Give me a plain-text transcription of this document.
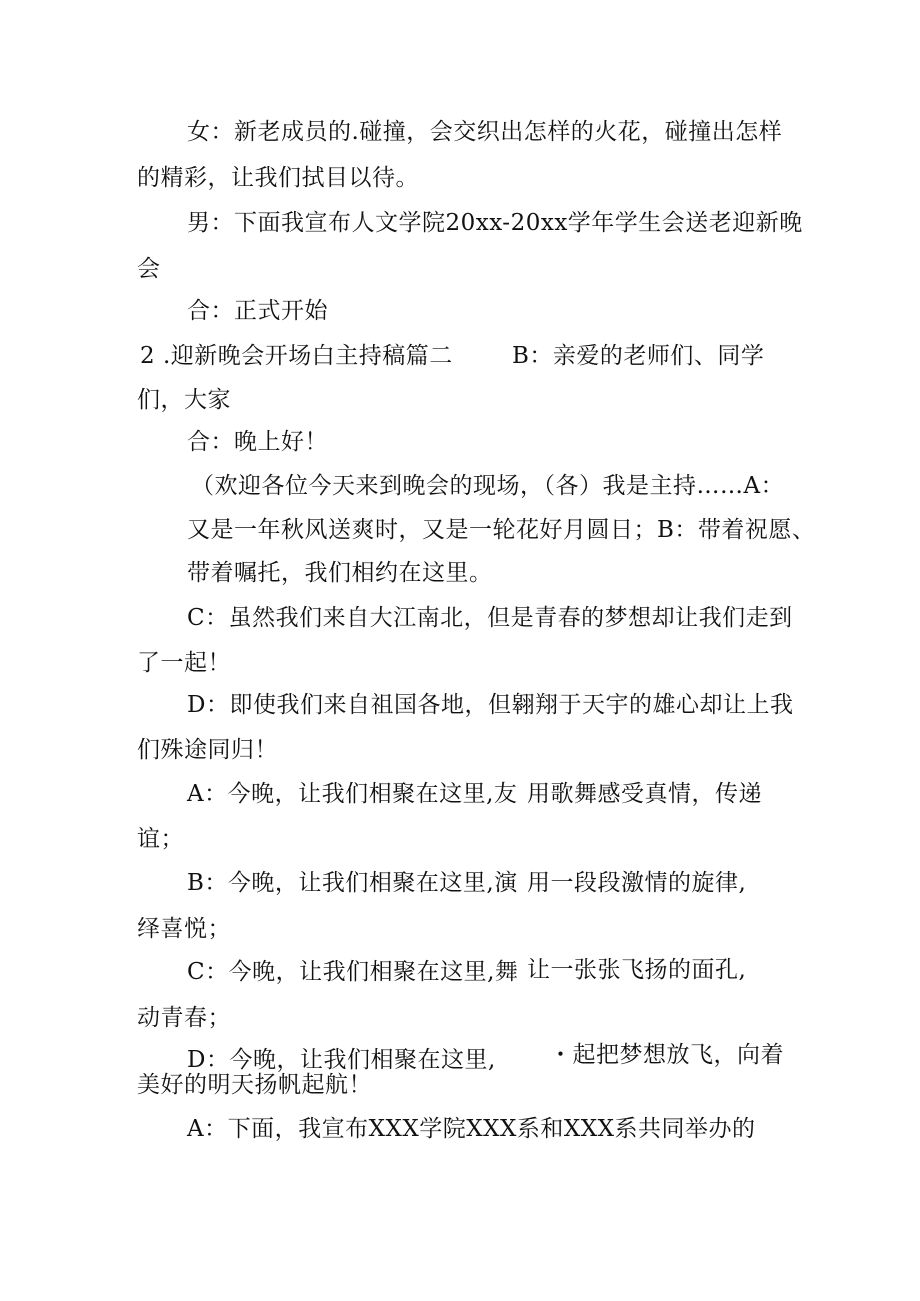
女：新老成员的.碰撞，会交织出怎样的火花，碰撞出怎样

的精彩，让我们拭目以待。

男：下面我宣布人文学院20xx-20xx学年学生会送老迎新晚

会

合：正式开始

2 .迎新晚会开场白主持稿篇二	B：亲爱的老师们、同学

们，大家

合：晚上好！

（欢迎各位今天来到晚会的现场，（各）我是主持……A：

又是一年秋风送爽时，又是一轮花好月圆日；B：带着祝愿、

带着嘱托，我们相约在这里。

C：虽然我们来自大江南北，但是青春的梦想却让我们走到

了一起！

D：即使我们来自祖国各地，但翱翔于天宇的雄心却让上我

们殊途同归！

A：今晚，让我们相聚在这里,友 用歌舞感受真情，传递

谊；

B：今晚，让我们相聚在这里,演 用一段段激情的旋律,

绎喜悦；

C：今晚，让我们相聚在这里,舞 让一张张飞扬的面孔,

动青春；

D：今晚，让我们相聚在这里, ・起把梦想放飞，向着

美好的明天扬帆起航！

A：下面，我宣布XXX学院XXX系和XXX系共同举办的
